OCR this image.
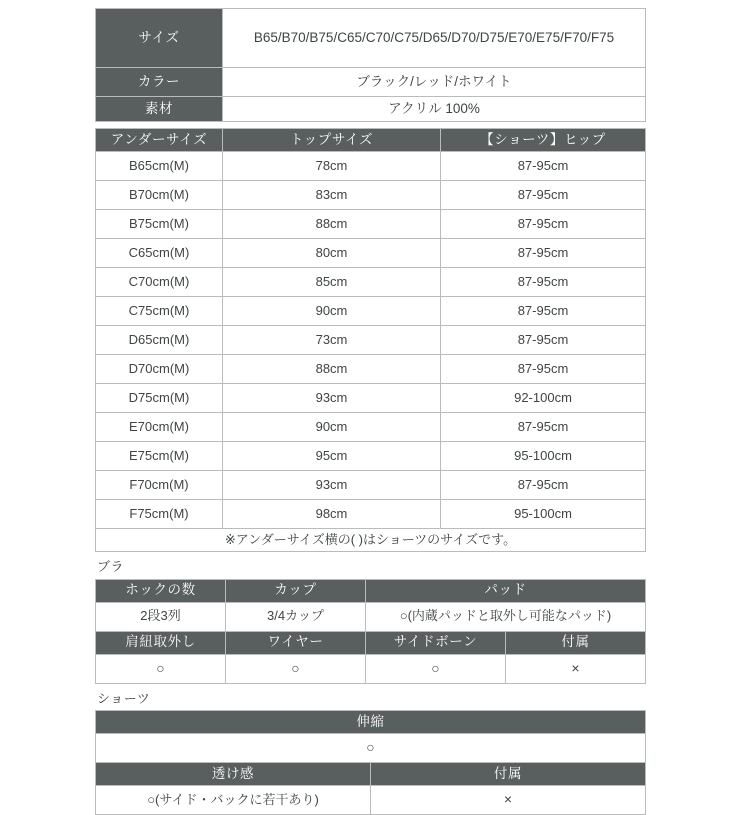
サイズ	B65/B70/B75/C65/C70/C75/D65/D70/D75/E70/E75/F70/F75
カラー	ブラック/レッド/ホワイト
素材	アクリル 100%
アンダーサイズ	トップサイズ	【ショーツ】ヒップ
B65cm(M)	78cm	87-95cm
B70cm(M)	83cm	87-95cm
B75cm(M)	88cm	87-95cm
C65cm(M)	80cm	87-95cm
C70cm(M)	85cm	87-95cm
C75cm(M)	90cm	87-95cm
D65cm(M)	73cm	87-95cm
D70cm(M)	88cm	87-95cm
D75cm(M)	93cm	92-100cm
E70cm(M)	90cm	87-95cm
E75cm(M)	95cm	95-100cm
F70cm(M)	93cm	87-95cm
F75cm(M)	98cm	95-100cm
※アンダーサイズ横の( )はショーツのサイズです。		
ブラ
ホックの数	カップ	パッド	
2段3列	3/4カップ	○(内蔵パッドと取外し可能なパッド)	
肩紐取外し	ワイヤー	サイドボーン	付属
○	○	○	×
ショーツ
伸縮	
○	
透け感	付属
○(サイド・バックに若干あり)	×
